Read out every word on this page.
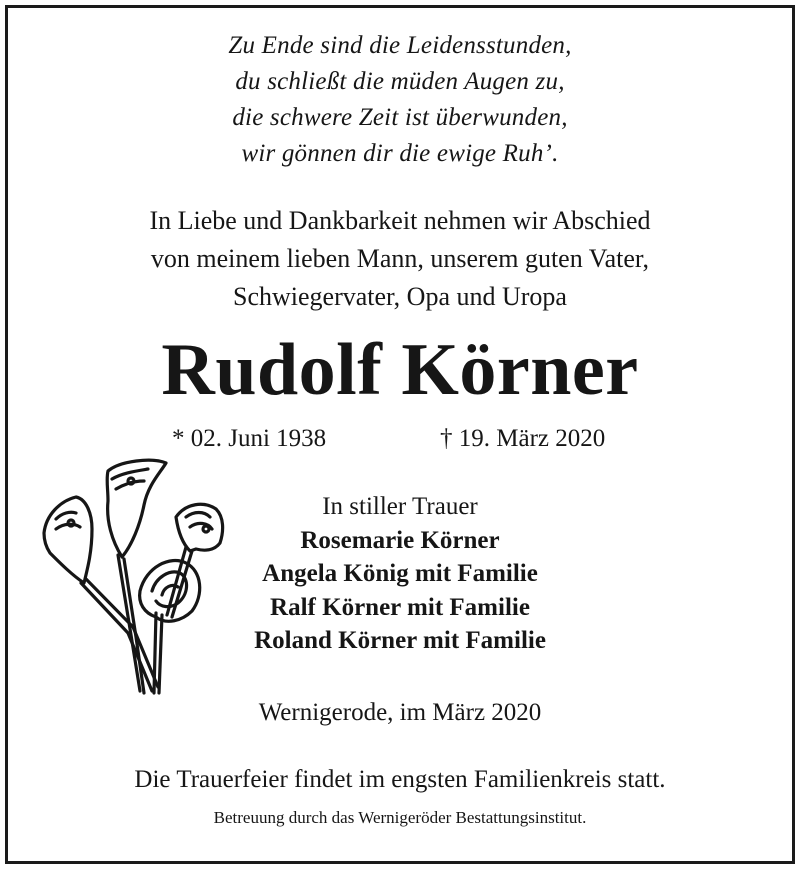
Zu Ende sind die Leidensstunden,
du schließt die müden Augen zu,
die schwere Zeit ist überwunden,
wir gönnen dir die ewige Ruh’.
In Liebe und Dankbarkeit nehmen wir Abschied
von meinem lieben Mann, unserem guten Vater,
Schwiegervater, Opa und Uropa
Rudolf Körner
* 02. Juni 1938	† 19. März 2020
In stiller Trauer
Rosemarie Körner
Angela König mit Familie
Ralf Körner mit Familie
Roland Körner mit Familie
Wernigerode, im März 2020
Die Trauerfeier findet im engsten Familienkreis statt.
Betreuung durch das Wernigeröder Bestattungsinstitut.
